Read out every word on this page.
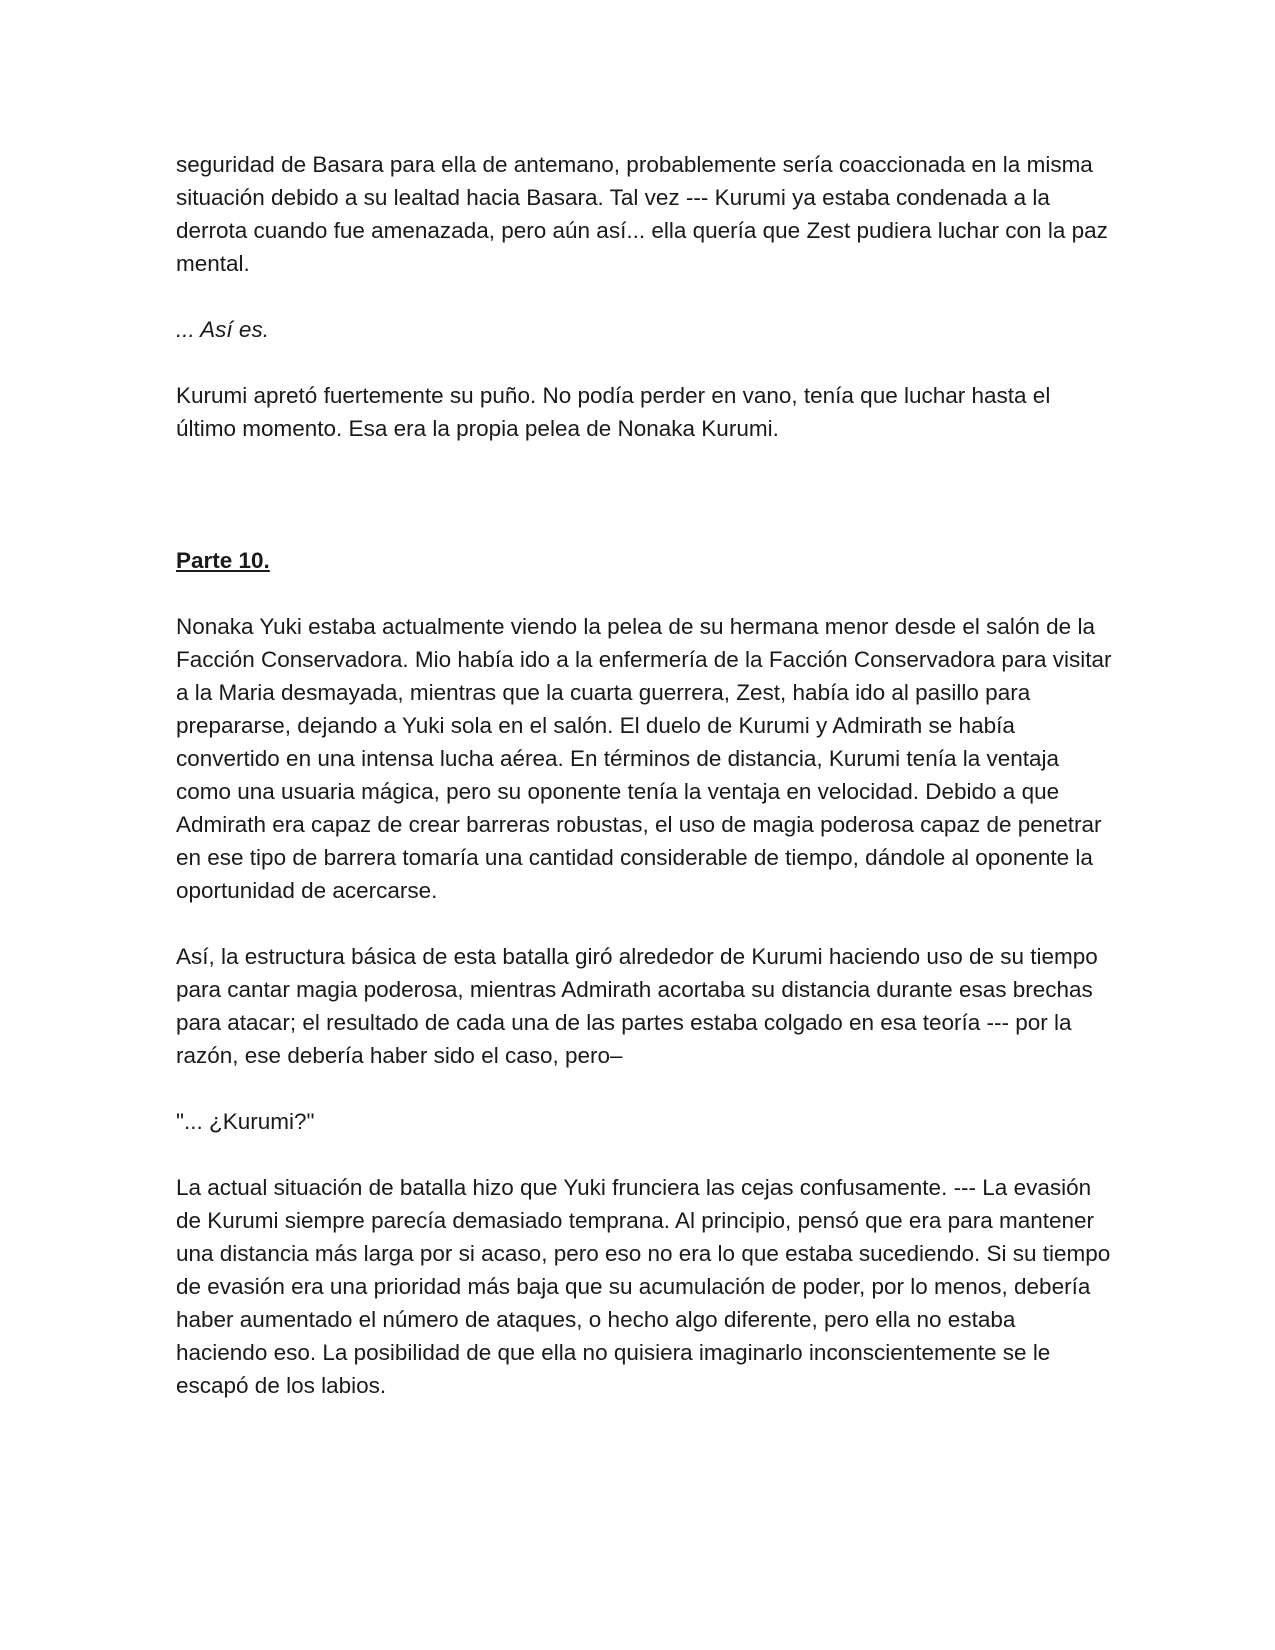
seguridad de Basara para ella de antemano, probablemente sería coaccionada en la misma situación debido a su lealtad hacia Basara. Tal vez --- Kurumi ya estaba condenada a la derrota cuando fue amenazada, pero aún así... ella quería que Zest pudiera luchar con la paz mental.

... Así es.

Kurumi apretó fuertemente su puño. No podía perder en vano, tenía que luchar hasta el último momento. Esa era la propia pelea de Nonaka Kurumi.

Parte 10.

Nonaka Yuki estaba actualmente viendo la pelea de su hermana menor desde el salón de la Facción Conservadora. Mio había ido a la enfermería de la Facción Conservadora para visitar a la Maria desmayada, mientras que la cuarta guerrera, Zest, había ido al pasillo para prepararse, dejando a Yuki sola en el salón. El duelo de Kurumi y Admirath se había convertido en una intensa lucha aérea. En términos de distancia, Kurumi tenía la ventaja como una usuaria mágica, pero su oponente tenía la ventaja en velocidad. Debido a que Admirath era capaz de crear barreras robustas, el uso de magia poderosa capaz de penetrar en ese tipo de barrera tomaría una cantidad considerable de tiempo, dándole al oponente la oportunidad de acercarse.

Así, la estructura básica de esta batalla giró alrededor de Kurumi haciendo uso de su tiempo para cantar magia poderosa, mientras Admirath acortaba su distancia durante esas brechas para atacar; el resultado de cada una de las partes estaba colgado en esa teoría --- por la razón, ese debería haber sido el caso, pero–

"... ¿Kurumi?"

La actual situación de batalla hizo que Yuki frunciera las cejas confusamente. --- La evasión de Kurumi siempre parecía demasiado temprana. Al principio, pensó que era para mantener una distancia más larga por si acaso, pero eso no era lo que estaba sucediendo. Si su tiempo de evasión era una prioridad más baja que su acumulación de poder, por lo menos, debería haber aumentado el número de ataques, o hecho algo diferente, pero ella no estaba haciendo eso. La posibilidad de que ella no quisiera imaginarlo inconscientemente se le escapó de los labios.
